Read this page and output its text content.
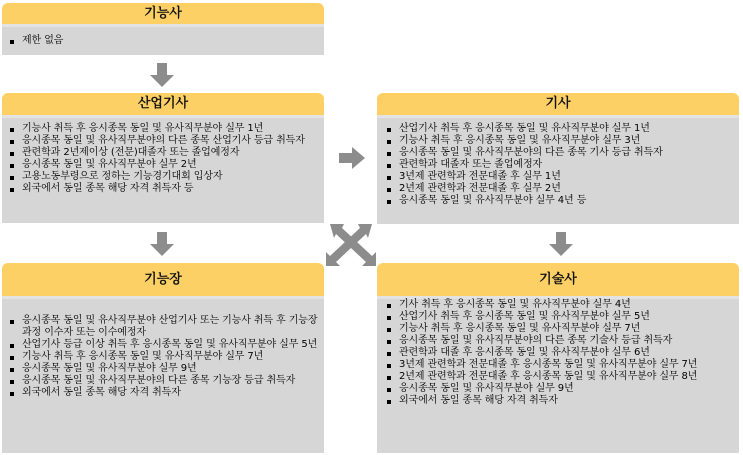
기능사
제한 없음
산업기사
기능사 취득 후 응시종목 동일 및 유사직무분야 실무 1년
응시종목 동일 및 유사직무분야의 다른 종목 산업기사 등급 취득자
관련학과 2년제이상 (전문)대졸자 또는 졸업예정자
응시종목 동일 및 유사직무분야 실무 2년
고용노동부령으로 정하는 기능경기대회 입상자
외국에서 동일 종목 해당 자격 취득자 등
기사
산업기사 취득 후 응시종목 동일 및 유사직무분야 실무 1년
기능사 취득 후 응시종목 동일 및 유사직무분야 실무 3년
응시종목 동일 및 유사직무분야의 다른 종목 기사 등급 취득자
관련학과 대졸자 또는 졸업예정자
3년제 관련학과 전문대졸 후 실무 1년
2년제 관련학과 전문대졸 후 실무 2년
응시종목 동일 및 유사직무분야 실무 4년 등
기능장
응시종목 동일 및 유사직무분야 산업기사 또는 기능사 취득 후 기능장 과정 이수자 또는 이수예정자
산업기사 등급 이상 취득 후 응시종목 동일 및 유사직무분야 실무 5년
기능사 취득 후 응시종목 동일 및 유사직무분야 실무 7년
응시종목 동일 및 유사직무분야 실무 9년
응시종목 동일 및 유사직무분야의 다른 종목 기능장 등급 취득자
외국에서 동일 종목 해당 자격 취득자
기술사
기사 취득 후 응시종목 동일 및 유사직무분야 실무 4년
산업기사 취득 후 응시종목 동일 및 유사직무분야 실무 5년
기능사 취득 후 응시종목 동일 및 유사직무분야 실무 7년
응시종목 동일 및 유사직무분야의 다른 종목 기술사 등급 취득자
관련학과 대졸 후 응시종목 동일 및 유사직무분야 실무 6년
3년제 관련학과 전문대졸 후 응시종목 동일 및 유사직무분야 실무 7년
2년제 관련학과 전문대졸 후 응시종목 동일 및 유사직무분야 실무 8년
응시종목 동일 및 유사직무분야 실무 9년
외국에서 동일 종목 해당 자격 취득자
